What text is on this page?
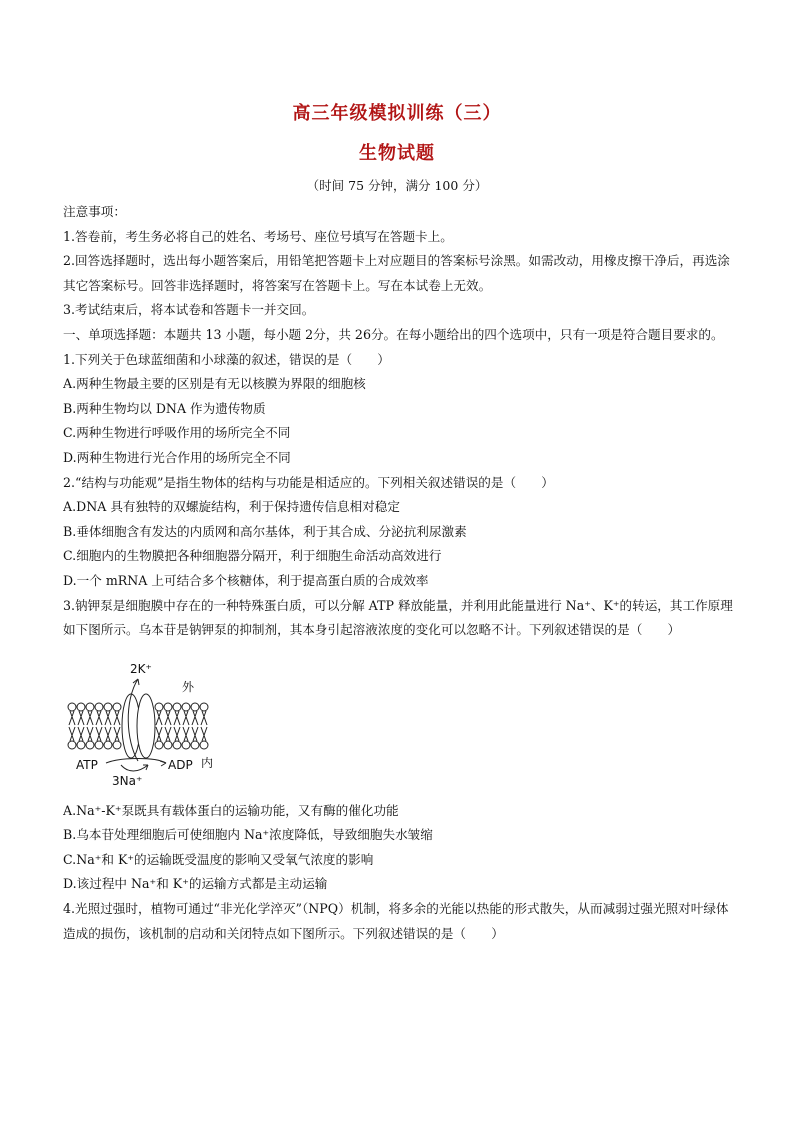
高三年级模拟训练（三）
生物试题
（时间 75 分钟，满分 100 分）
注意事项：
1.答卷前，考生务必将自己的姓名、考场号、座位号填写在答题卡上。
2.回答选择题时，选出每小题答案后，用铅笔把答题卡上对应题目的答案标号涂黑。如需改动，用橡皮擦干净后，再选涂其它答案标号。回答非选择题时，将答案写在答题卡上。写在本试卷上无效。
3.考试结束后，将本试卷和答题卡一并交回。
一、单项选择题：本题共 13 小题，每小题 2分，共 26分。在每小题给出的四个选项中，只有一项是符合题目要求的。
1.下列关于色球蓝细菌和小球藻的叙述，错误的是（　　）
A.两种生物最主要的区别是有无以核膜为界限的细胞核
B.两种生物均以 DNA 作为遗传物质
C.两种生物进行呼吸作用的场所完全不同
D.两种生物进行光合作用的场所完全不同
2.“结构与功能观”是指生物体的结构与功能是相适应的。下列相关叙述错误的是（　　）
A.DNA 具有独特的双螺旋结构，利于保持遗传信息相对稳定
B.垂体细胞含有发达的内质网和高尔基体，利于其合成、分泌抗利尿激素
C.细胞内的生物膜把各种细胞器分隔开，利于细胞生命活动高效进行
D.一个 mRNA 上可结合多个核糖体，利于提高蛋白质的合成效率
3.钠钾泵是细胞膜中存在的一种特殊蛋白质，可以分解 ATP 释放能量，并利用此能量进行 Na⁺、K⁺的转运，其工作原理如下图所示。乌本苷是钠钾泵的抑制剂，其本身引起溶液浓度的变化可以忽略不计。下列叙述错误的是（　　）
2K⁺
外
内
ATP	ADP
3Na⁺
A.Na⁺-K⁺泵既具有载体蛋白的运输功能，又有酶的催化功能
B.乌本苷处理细胞后可使细胞内 Na⁺浓度降低，导致细胞失水皱缩
C.Na⁺和 K⁺的运输既受温度的影响又受氧气浓度的影响
D.该过程中 Na⁺和 K⁺的运输方式都是主动运输
4.光照过强时，植物可通过“非光化学淬灭”（NPQ）机制，将多余的光能以热能的形式散失，从而减弱过强光照对叶绿体造成的损伤，该机制的启动和关闭特点如下图所示。下列叙述错误的是（　　）
